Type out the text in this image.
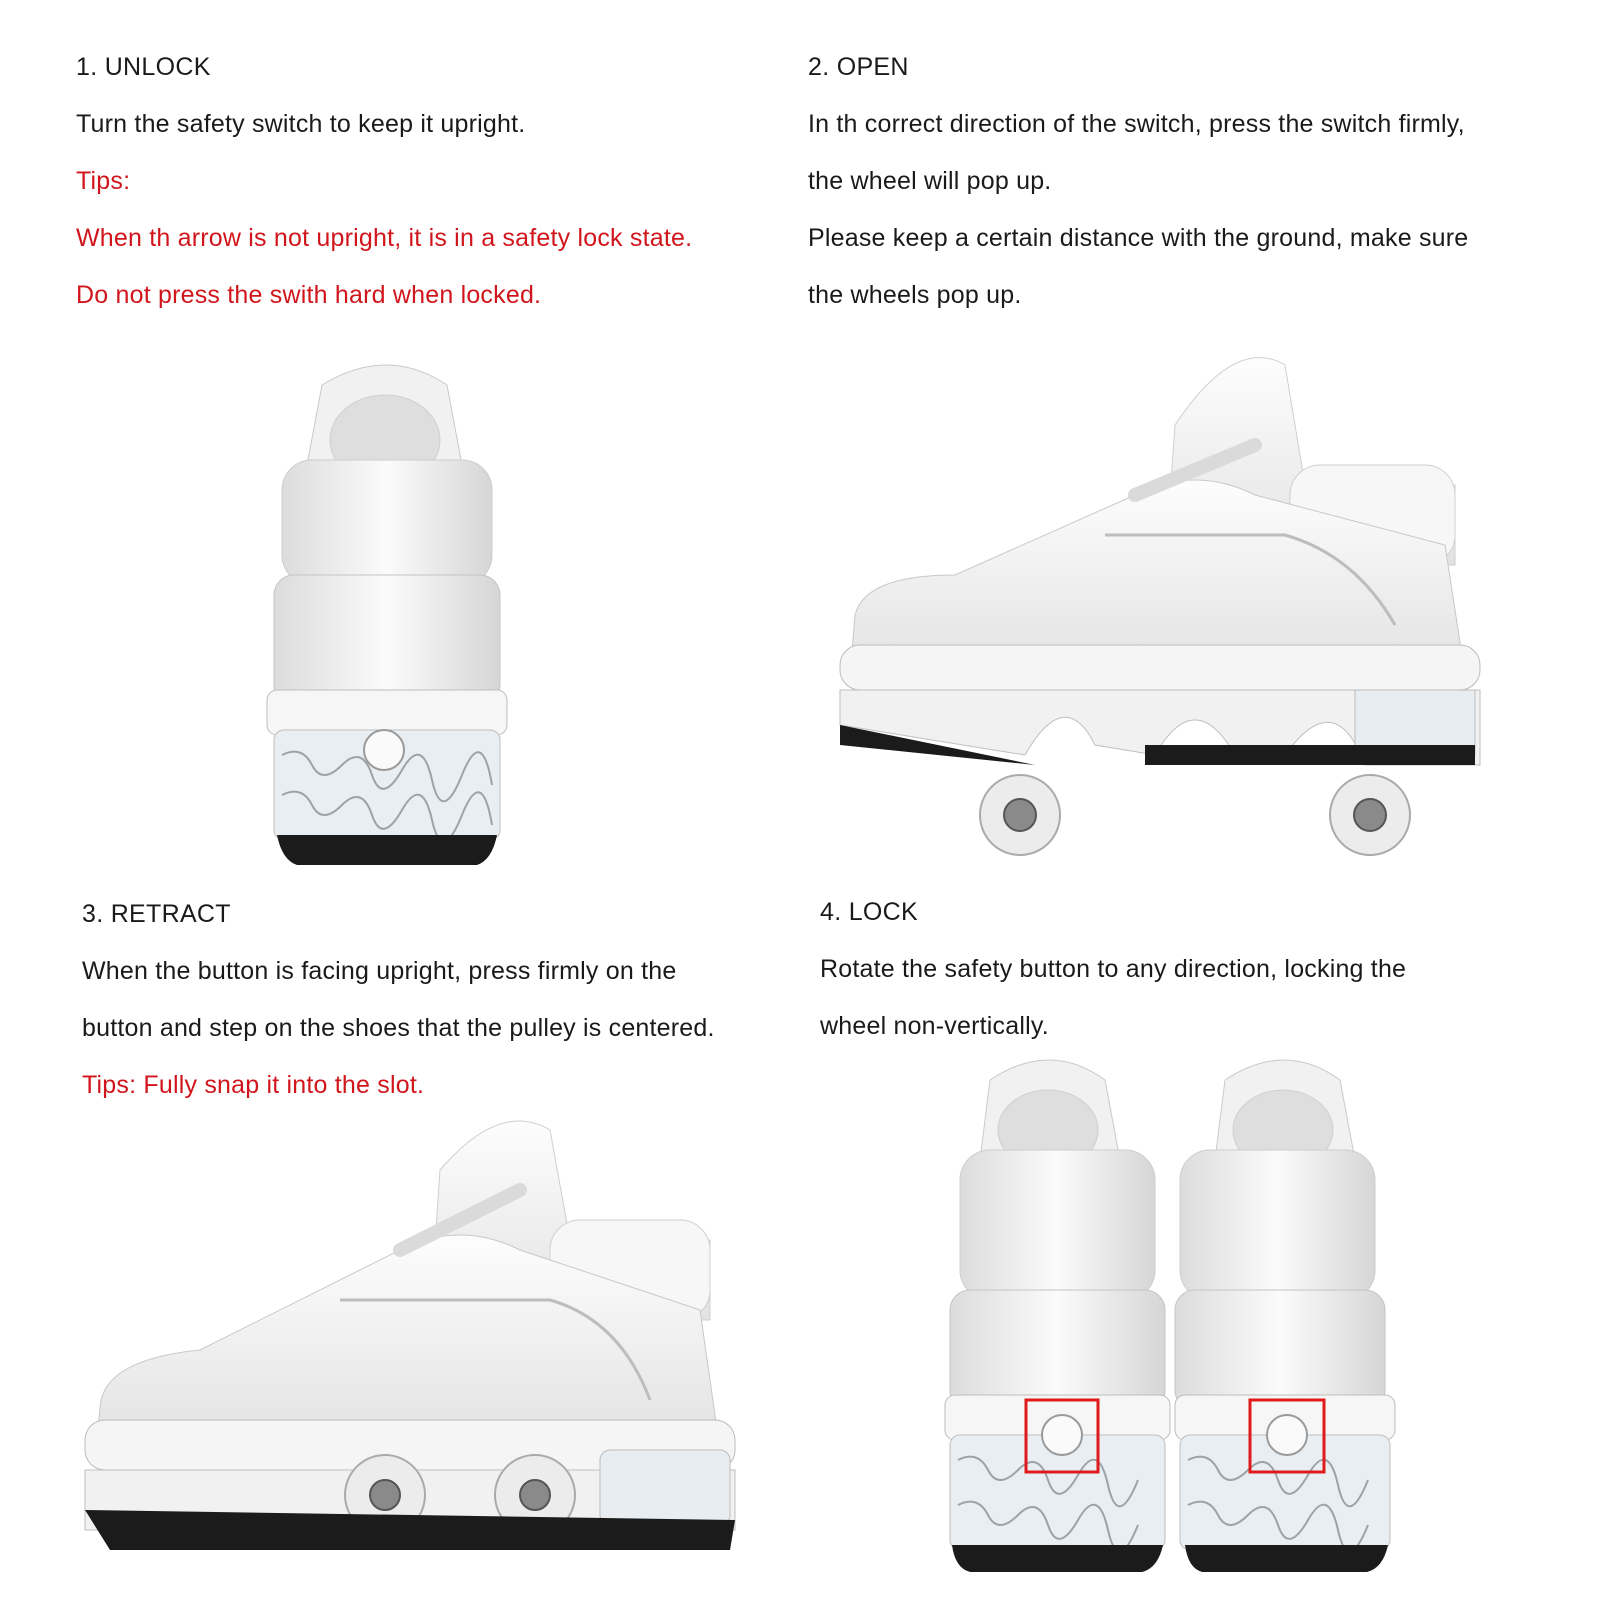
1. UNLOCK

Turn the safety switch to keep it upright.

Tips:

When th arrow is not upright, it is in a safety lock state.

Do not press the swith hard when locked.

2. OPEN

In th correct direction of the switch, press the switch firmly,

the wheel will pop up.

Please keep a certain distance with the ground, make sure

the wheels pop up.

3. RETRACT

When the button is facing upright, press firmly on the

button and step on the shoes that the pulley is centered.

Tips: Fully snap it into the slot.

4. LOCK

Rotate the safety button to any direction, locking the

wheel non-vertically.
